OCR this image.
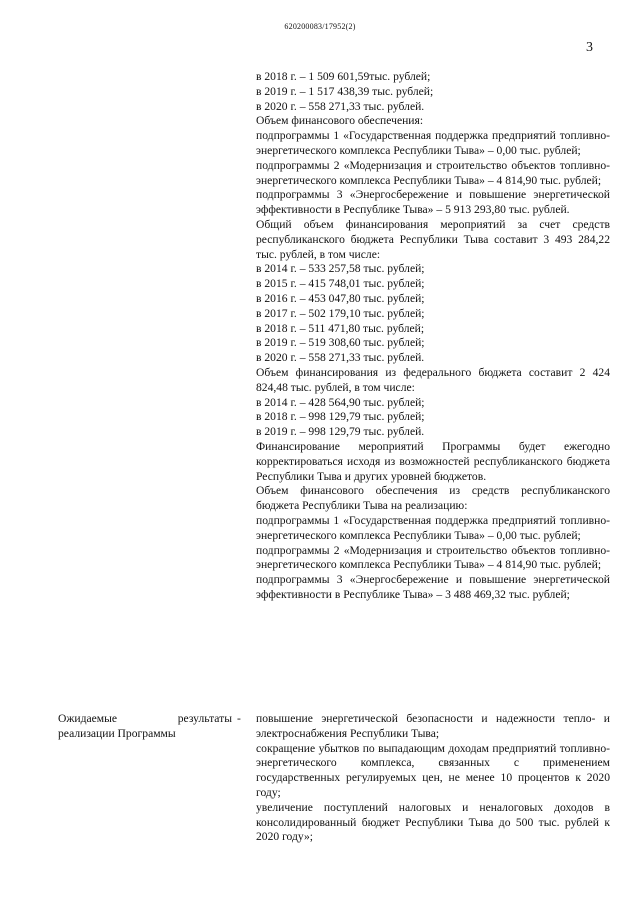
620200083/17952(2)
3
в 2018 г. – 1 509 601,59тыс. рублей;
в 2019 г. – 1 517 438,39 тыс. рублей;
в 2020 г. – 558 271,33 тыс. рублей.
Объем финансового обеспечения:
подпрограммы 1 «Государственная поддержка предприятий топливно-энергетического комплекса Республики Тыва» – 0,00 тыс. рублей;
подпрограммы 2 «Модернизация и строительство объектов топливно-энергетического комплекса Республики Тыва» – 4 814,90 тыс. рублей;
подпрограммы 3 «Энергосбережение и повышение энергетической эффективности в Республике Тыва» – 5 913 293,80 тыс. рублей.
Общий объем финансирования мероприятий за счет средств республиканского бюджета Республики Тыва составит 3 493 284,22 тыс. рублей, в том числе:
в 2014 г. – 533 257,58 тыс. рублей;
в 2015 г. – 415 748,01 тыс. рублей;
в 2016 г. – 453 047,80 тыс. рублей;
в 2017 г. – 502 179,10 тыс. рублей;
в 2018 г. – 511 471,80 тыс. рублей;
в 2019 г. – 519 308,60 тыс. рублей;
в 2020 г. – 558 271,33 тыс. рублей.
Объем финансирования из федерального бюджета составит 2 424 824,48 тыс. рублей, в том числе:
в 2014 г. – 428 564,90 тыс. рублей;
в 2018 г. – 998 129,79 тыс. рублей;
в 2019 г. – 998 129,79 тыс. рублей.
Финансирование мероприятий Программы будет ежегодно корректироваться исходя из возможностей республиканского бюджета Республики Тыва и других уровней бюджетов.
Объем финансового обеспечения из средств республиканского бюджета Республики Тыва на реализацию:
подпрограммы 1 «Государственная поддержка предприятий топливно-энергетического комплекса Республики Тыва» – 0,00 тыс. рублей;
подпрограммы 2 «Модернизация и строительство объектов топливно-энергетического комплекса Республики Тыва» – 4 814,90 тыс. рублей;
подпрограммы 3 «Энергосбережение и повышение энергетической эффективности в Республике Тыва» – 3 488 469,32 тыс. рублей;
Ожидаемые результаты реализации Программы
- повышение энергетической безопасности и надежности тепло- и электроснабжения Республики Тыва;
сокращение убытков по выпадающим доходам предприятий топливно-энергетического комплекса, связанных с применением государственных регулируемых цен, не менее 10 процентов к 2020 году;
увеличение поступлений налоговых и неналоговых доходов в консолидированный бюджет Республики Тыва до 500 тыс. рублей к 2020 году»;
